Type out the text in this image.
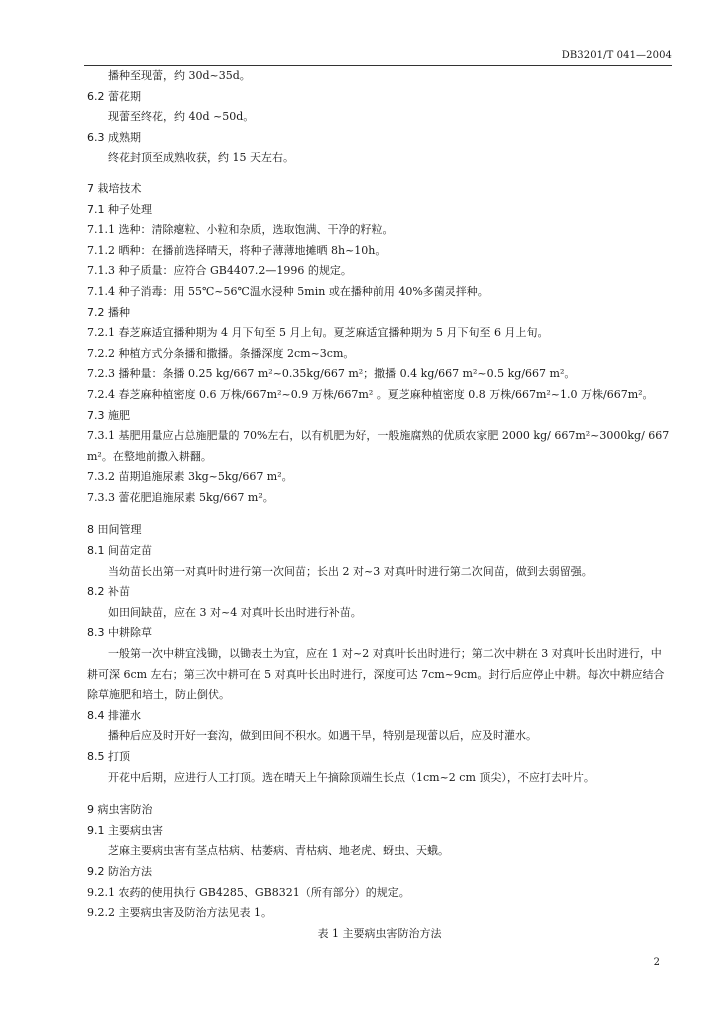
DB3201/T 041—2004
播种至现蕾，约 30d~35d。
6.2 蕾花期
现蕾至终花，约 40d ~50d。
6.3 成熟期
终花封顶至成熟收获，约 15 天左右。
7 栽培技术
7.1 种子处理
7.1.1 选种：清除瘪粒、小粒和杂质，选取饱满、干净的籽粒。
7.1.2 晒种：在播前选择晴天，将种子薄薄地摊晒 8h~10h。
7.1.3 种子质量：应符合 GB4407.2—1996 的规定。
7.1.4 种子消毒：用 55℃~56℃温水浸种 5min 或在播种前用 40%多菌灵拌种。
7.2 播种
7.2.1 春芝麻适宜播种期为 4 月下旬至 5 月上旬。夏芝麻适宜播种期为 5 月下旬至 6 月上旬。
7.2.2 种植方式分条播和撒播。条播深度 2cm~3cm。
7.2.3 播种量：条播 0.25 kg/667 m²~0.35kg/667 m²；撒播 0.4 kg/667 m²~0.5 kg/667 m²。
7.2.4 春芝麻种植密度 0.6 万株/667m²~0.9 万株/667m² 。夏芝麻种植密度 0.8 万株/667m²~1.0 万株/667m²。
7.3 施肥
7.3.1 基肥用量应占总施肥量的 70%左右，以有机肥为好，一般施腐熟的优质农家肥 2000 kg/ 667m²~3000kg/ 667m²。在整地前撒入耕翻。
7.3.2 苗期追施尿素 3kg~5kg/667 m²。
7.3.3 蕾花肥追施尿素 5kg/667 m²。
8 田间管理
8.1 间苗定苗
当幼苗长出第一对真叶时进行第一次间苗；长出 2 对~3 对真叶时进行第二次间苗，做到去弱留强。
8.2 补苗
如田间缺苗，应在 3 对~4 对真叶长出时进行补苗。
8.3 中耕除草
一般第一次中耕宜浅锄，以锄表土为宜，应在 1 对~2 对真叶长出时进行；第二次中耕在 3 对真叶长出时进行，中耕可深 6cm 左右；第三次中耕可在 5 对真叶长出时进行，深度可达 7cm~9cm。封行后应停止中耕。每次中耕应结合除草施肥和培土，防止倒伏。
8.4 排灌水
播种后应及时开好一套沟，做到田间不积水。如遇干旱，特别是现蕾以后，应及时灌水。
8.5 打顶
开花中后期，应进行人工打顶。选在晴天上午摘除顶端生长点（1cm~2 cm 顶尖），不应打去叶片。
9 病虫害防治
9.1 主要病虫害
芝麻主要病虫害有茎点枯病、枯萎病、青枯病、地老虎、蚜虫、天蛾。
9.2 防治方法
9.2.1 农药的使用执行 GB4285、GB8321（所有部分）的规定。
9.2.2 主要病虫害及防治方法见表 1。
表 1 主要病虫害防治方法
2
